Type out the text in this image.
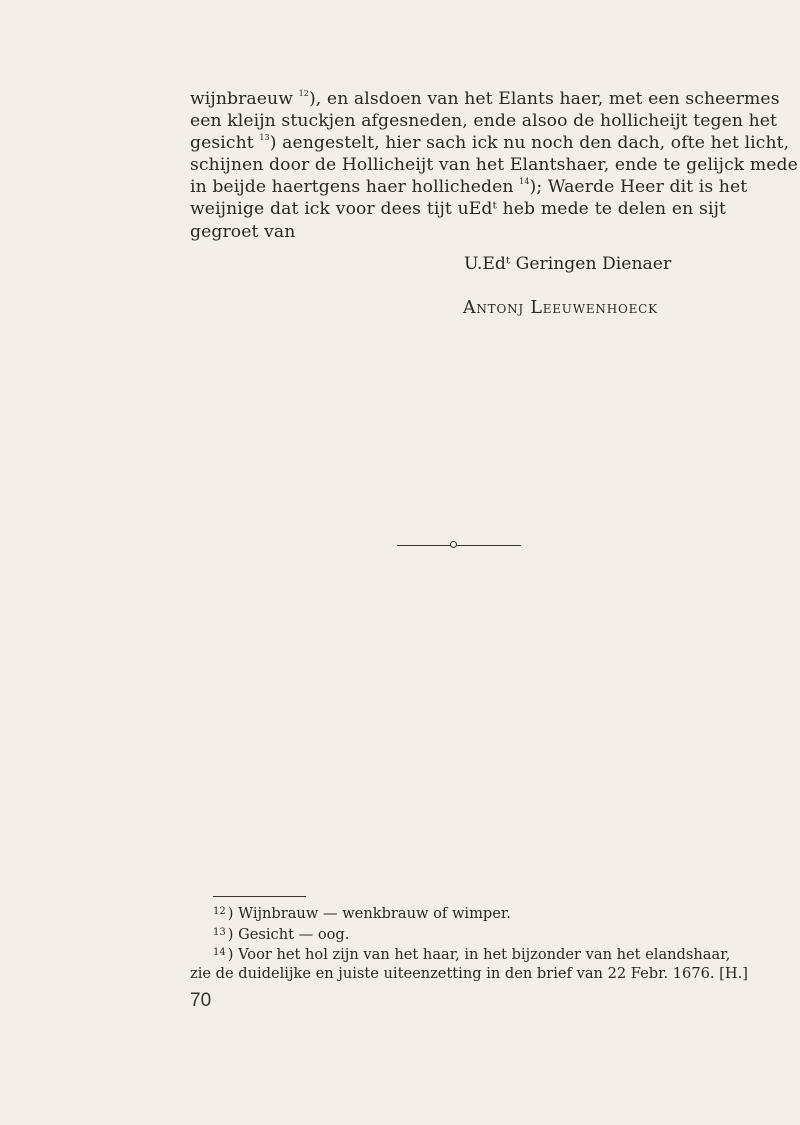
wijnbraeuw $^{12}$), en alsdoen van het Elants haer, met een scheermes
een kleijn stuckjen afgesneden, ende alsoo de hollicheijt tegen het
gesicht $^{13}$) aengestelt, hier sach ick nu noch den dach, ofte het licht,
schijnen door de Hollicheijt van het Elantshaer, ende te gelijck mede
in beijde haertgens haer hollicheden $^{14}$); Waerde Heer dit is het
weijnige dat ick voor dees tijt uEdᵗ heb mede te delen en sijt
gegroet van
U.Edᵗ Geringen Dienaer
Antonj Leeuwenhoeck
$^{12}$ ) Wijnbrauw — wenkbrauw of wimper.
$^{13}$ ) Gesicht — oog.
$^{14}$ ) Voor het hol zijn van het haar, in het bijzonder van het elandshaar,
zie de duidelijke en juiste uiteenzetting in den brief van 22 Febr. 1676. [H.]
70
